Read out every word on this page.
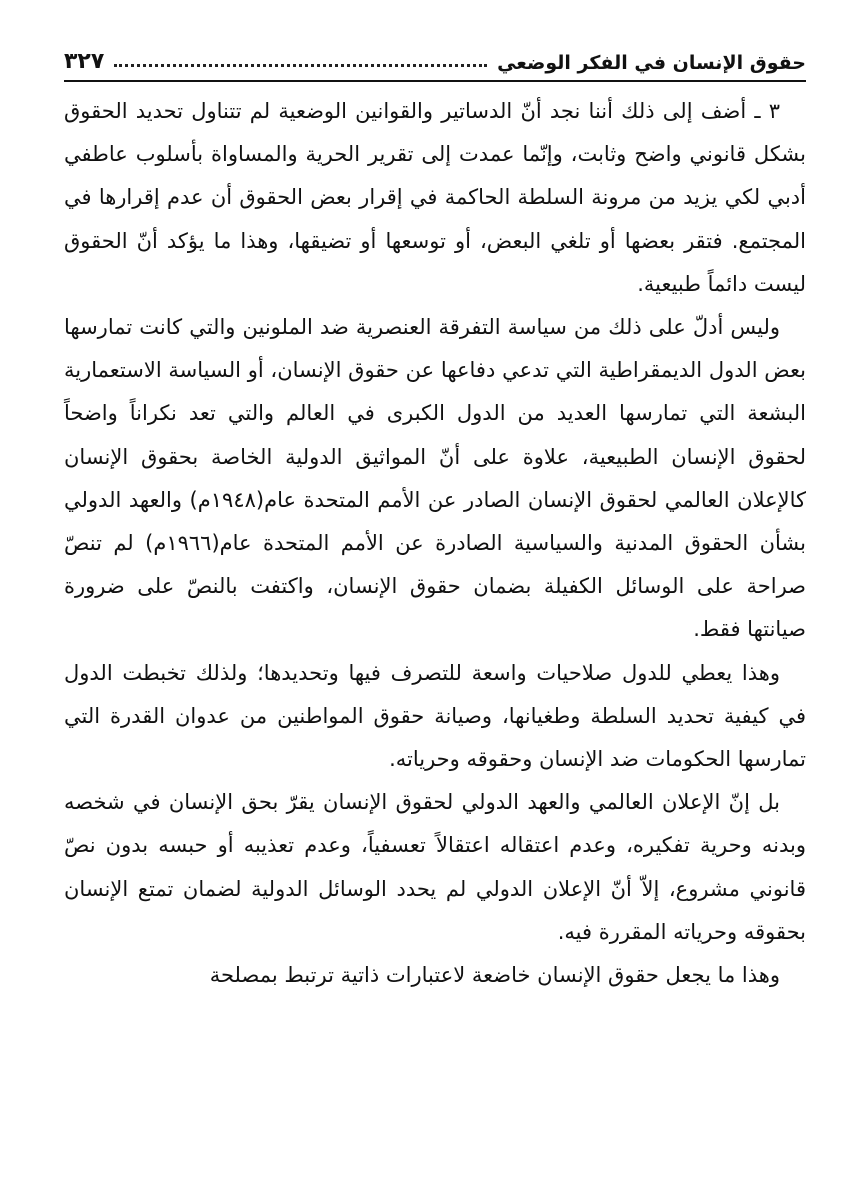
حقوق الإنسان في الفكر الوضعي
٣٢٧

٣ ـ أضف إلى ذلك أننا نجد أنّ الدساتير والقوانين الوضعية لم تتناول تحديد الحقوق بشكل قانوني واضح وثابت، وإنّما عمدت إلى تقرير الحرية والمساواة بأسلوب عاطفي أدبي لكي يزيد من مرونة السلطة الحاكمة في إقرار بعض الحقوق أن عدم إقرارها في المجتمع. فتقر بعضها أو تلغي البعض، أو توسعها أو تضيقها، وهذا ما يؤكد أنّ الحقوق ليست دائماً طبيعية.

وليس أدلّ على ذلك من سياسة التفرقة العنصرية ضد الملونين والتي كانت تمارسها بعض الدول الديمقراطية التي تدعي دفاعها عن حقوق الإنسان، أو السياسة الاستعمارية البشعة التي تمارسها العديد من الدول الكبرى في العالم والتي تعد نكراناً واضحاً لحقوق الإنسان الطبيعية، علاوة على أنّ المواثيق الدولية الخاصة بحقوق الإنسان كالإعلان العالمي لحقوق الإنسان الصادر عن الأمم المتحدة عام(١٩٤٨م) والعهد الدولي بشأن الحقوق المدنية والسياسية الصادرة عن الأمم المتحدة عام(١٩٦٦م) لم تنصّ صراحة على الوسائل الكفيلة بضمان حقوق الإنسان، واكتفت بالنصّ على ضرورة صيانتها فقط.

وهذا يعطي للدول صلاحيات واسعة للتصرف فيها وتحديدها؛ ولذلك تخبطت الدول في كيفية تحديد السلطة وطغيانها، وصيانة حقوق المواطنين من عدوان القدرة التي تمارسها الحكومات ضد الإنسان وحقوقه وحرياته.

بل إنّ الإعلان العالمي والعهد الدولي لحقوق الإنسان يقرّ بحق الإنسان في شخصه وبدنه وحرية تفكيره، وعدم اعتقاله اعتقالاً تعسفياً، وعدم تعذيبه أو حبسه بدون نصّ قانوني مشروع، إلاّ أنّ الإعلان الدولي لم يحدد الوسائل الدولية لضمان تمتع الإنسان بحقوقه وحرياته المقررة فيه.

وهذا ما يجعل حقوق الإنسان خاضعة لاعتبارات ذاتية ترتبط بمصلحة
